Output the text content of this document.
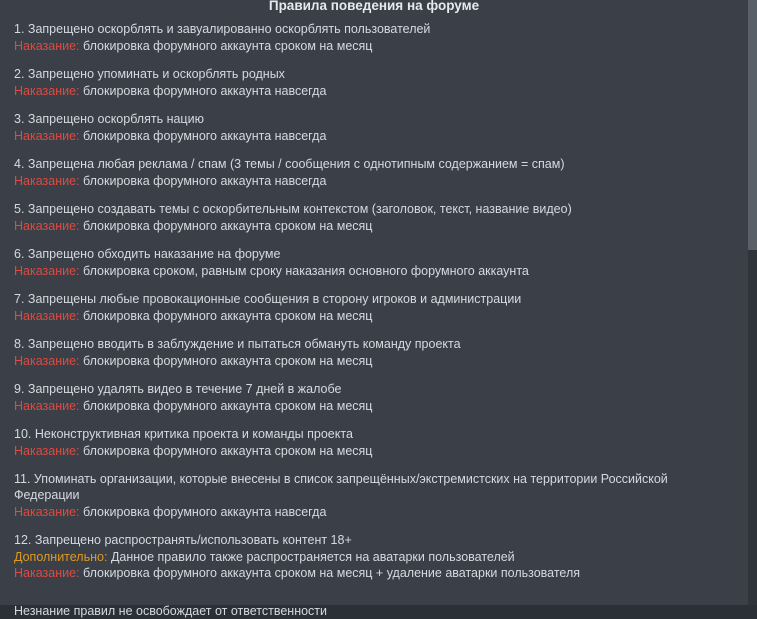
Правила поведения на форуме
1. Запрещено оскорблять и завуалированно оскорблять пользователей
Наказание: блокировка форумного аккаунта сроком на месяц
2. Запрещено упоминать и оскорблять родных
Наказание: блокировка форумного аккаунта навсегда
3. Запрещено оскорблять нацию
Наказание: блокировка форумного аккаунта навсегда
4. Запрещена любая реклама / спам (3 темы / сообщения с однотипным содержанием = спам)
Наказание: блокировка форумного аккаунта навсегда
5. Запрещено создавать темы с оскорбительным контекстом (заголовок, текст, название видео)
Наказание: блокировка форумного аккаунта сроком на месяц
6. Запрещено обходить наказание на форуме
Наказание: блокировка сроком, равным сроку наказания основного форумного аккаунта
7. Запрещены любые провокационные сообщения в сторону игроков и администрации
Наказание: блокировка форумного аккаунта сроком на месяц
8. Запрещено вводить в заблуждение и пытаться обмануть команду проекта
Наказание: блокировка форумного аккаунта сроком на месяц
9. Запрещено удалять видео в течение 7 дней в жалобе
Наказание: блокировка форумного аккаунта сроком на месяц
10. Неконструктивная критика проекта и команды проекта
Наказание: блокировка форумного аккаунта сроком на месяц
11. Упоминать организации, которые внесены в список запрещённых/экстремистских на территории Российской Федерации
Наказание: блокировка форумного аккаунта навсегда
12. Запрещено распространять/использовать контент 18+
Дополнительно: Данное правило также распространяется на аватарки пользователей
Наказание: блокировка форумного аккаунта сроком на месяц + удаление аватарки пользователя
Незнание правил не освобождает от ответственности
